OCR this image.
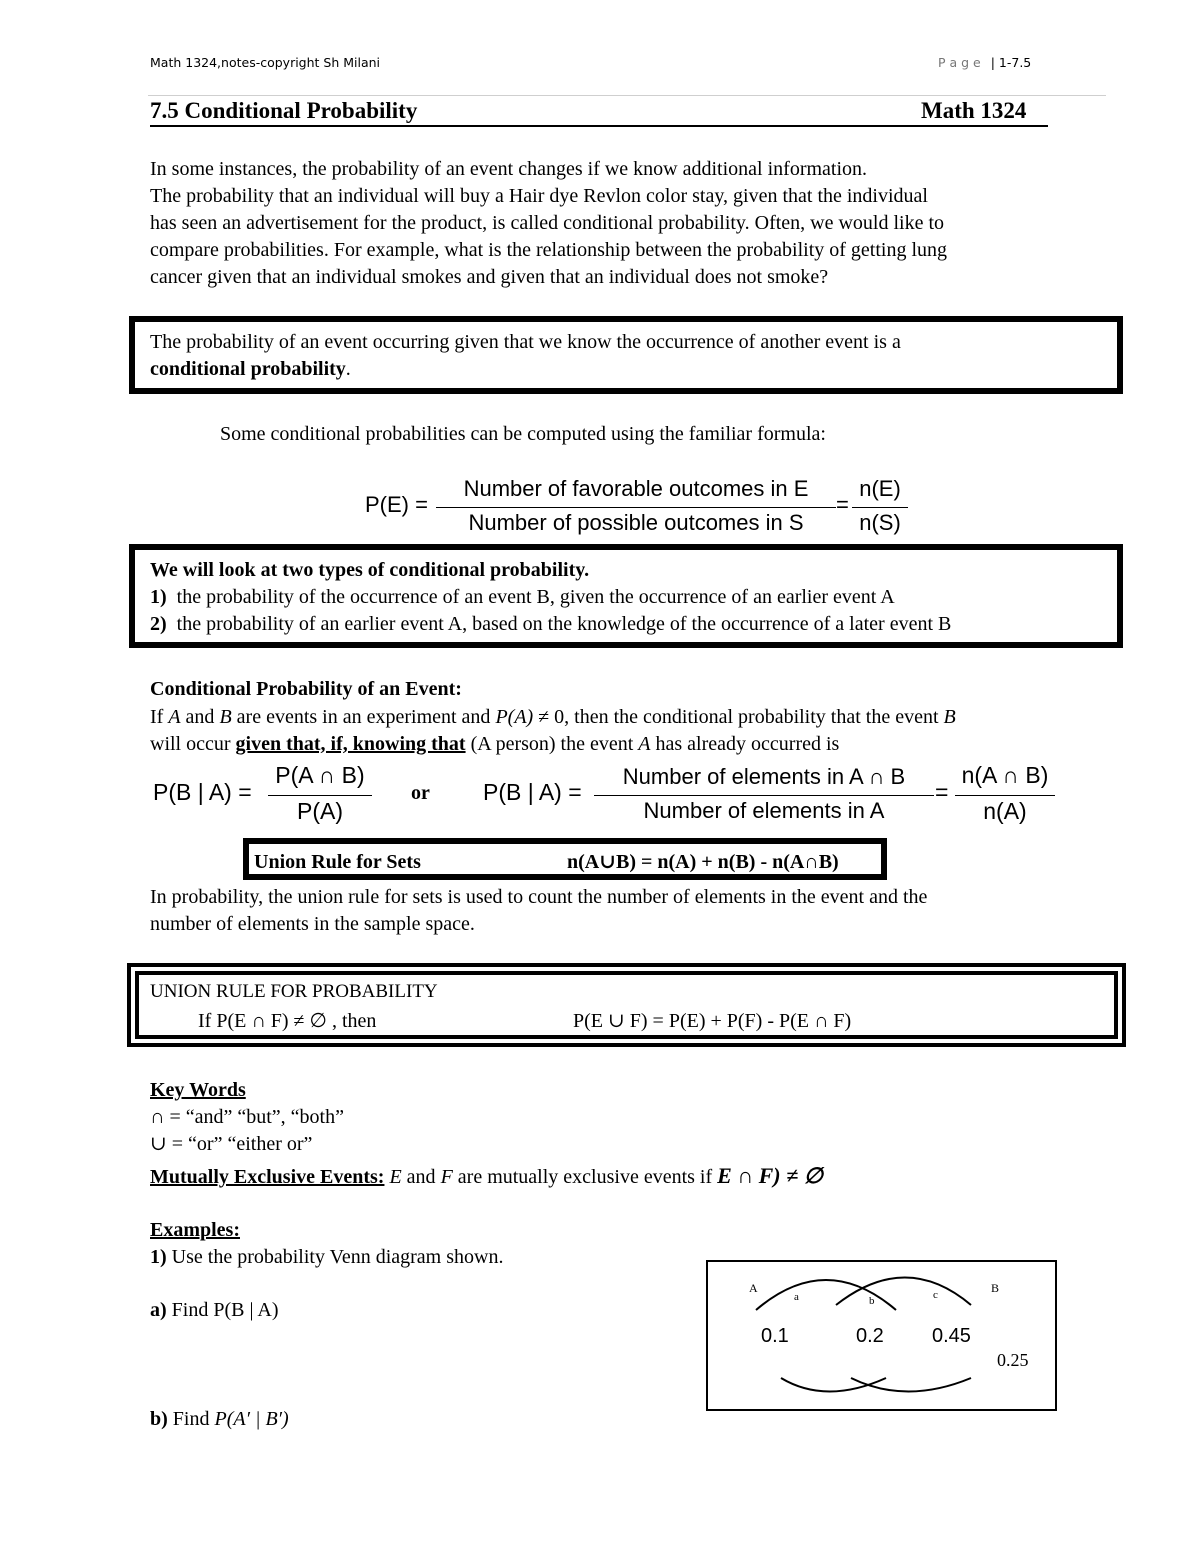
Math 1324,notes-copyright Sh Milani	P a g e | 1-7.5
7.5 Conditional Probability	Math 1324
In some instances, the probability of an event changes if we know additional information.
The probability that an individual will buy a Hair dye Revlon color stay, given that the individual
has seen an advertisement for the product, is called conditional probability. Often, we would like to
compare probabilities. For example, what is the relationship between the probability of getting lung
cancer given that an individual smokes and given that an individual does not smoke?
The probability of an event occurring given that we know the occurrence of another event is a
conditional probability.
Some conditional probabilities can be computed using the familiar formula:
P(E) =
Number of favorable outcomes in E
Number of possible outcomes in S
=
n(E)
n(S)
We will look at two types of conditional probability.
1) the probability of the occurrence of an event B, given the occurrence of an earlier event A
2) the probability of an earlier event A, based on the knowledge of the occurrence of a later event B
Conditional Probability of an Event:
If A and B are events in an experiment and P(A) ≠ 0, then the conditional probability that the event B
will occur given that, if, knowing that (A person) the event A has already occurred is
P(B | A) =
P(A ∩ B)
P(A)
or P(B | A) =
Number of elements in A ∩ B
Number of elements in A
=
n(A ∩ B)
n(A)
Union Rule for Sets	n(A∪B) = n(A) + n(B) - n(A∩B)
In probability, the union rule for sets is used to count the number of elements in the event and the
number of elements in the sample space.
UNION RULE FOR PROBABILITY
If P(E ∩ F) ≠ ∅ , then	P(E ∪ F) = P(E) + P(F) - P(E ∩ F)
Key Words
∩ = “and” “but”, “both”
∪ = “or” “either or”
Mutually Exclusive Events: E and F are mutually exclusive events if E ∩ F) ≠ ∅
Examples:
1) Use the probability Venn diagram shown.
a) Find P(B | A)
b) Find P(A′ | B′)
A	B
a	b	c
0.1	0.2 0.45
0.25
